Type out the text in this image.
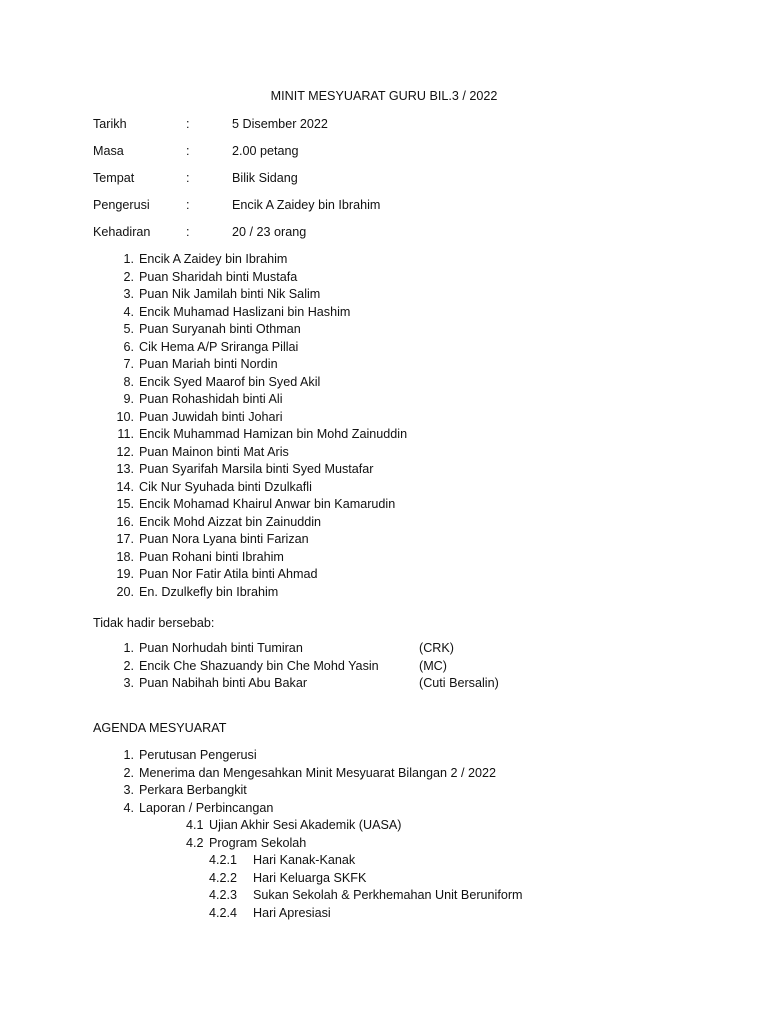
MINIT MESYUARAT GURU BIL.3 / 2022
Tarikh	:	5 Disember 2022
Masa	:	2.00 petang
Tempat	:	Bilik Sidang
Pengerusi	:	Encik A Zaidey bin Ibrahim
Kehadiran	:	20 / 23 orang
1. Encik A Zaidey bin Ibrahim
2. Puan Sharidah binti Mustafa
3. Puan Nik Jamilah binti Nik Salim
4. Encik Muhamad Haslizani bin Hashim
5. Puan Suryanah binti Othman
6. Cik Hema A/P Sriranga Pillai
7. Puan Mariah binti Nordin
8. Encik Syed Maarof bin Syed Akil
9. Puan Rohashidah binti Ali
10. Puan Juwidah binti Johari
11. Encik Muhammad Hamizan bin Mohd Zainuddin
12. Puan Mainon binti Mat Aris
13. Puan Syarifah Marsila binti Syed Mustafar
14. Cik Nur Syuhada binti Dzulkafli
15. Encik Mohamad Khairul Anwar bin Kamarudin
16. Encik Mohd Aizzat bin Zainuddin
17. Puan Nora Lyana binti Farizan
18. Puan Rohani binti Ibrahim
19. Puan Nor Fatir Atila binti Ahmad
20. En. Dzulkefly bin Ibrahim
Tidak hadir bersebab:
1. Puan Norhudah binti Tumiran	(CRK)
2. Encik Che Shazuandy bin Che Mohd Yasin	(MC)
3. Puan Nabihah binti Abu Bakar	(Cuti Bersalin)
AGENDA MESYUARAT
1. Perutusan Pengerusi
2. Menerima dan Mengesahkan Minit Mesyuarat Bilangan 2 / 2022
3. Perkara Berbangkit
4. Laporan / Perbincangan
4.1 Ujian Akhir Sesi Akademik (UASA)
4.2 Program Sekolah
4.2.1 Hari Kanak-Kanak
4.2.2 Hari Keluarga SKFK
4.2.3 Sukan Sekolah & Perkhemahan Unit Beruniform
4.2.4 Hari Apresiasi
